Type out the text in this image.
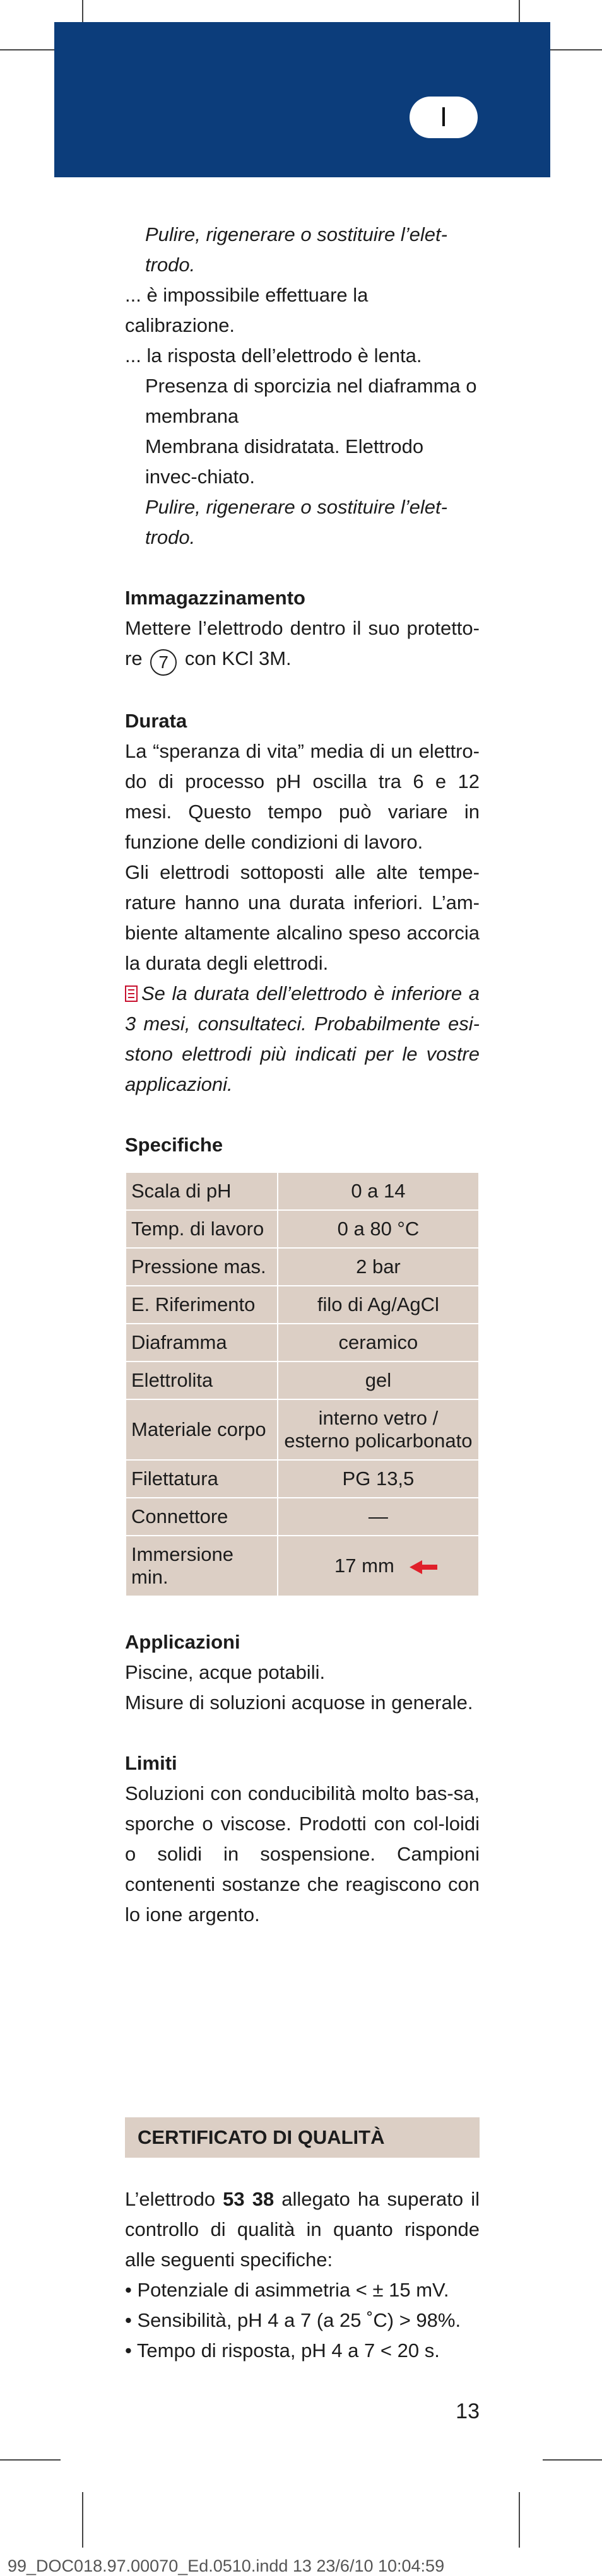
I

Pulire, rigenerare o sostituire l’elet-trodo.

... è impossibile effettuare la calibrazione.

... la risposta dell’elettrodo è lenta.

Presenza di sporcizia nel diaframma o membrana

Membrana disidratata. Elettrodo invec-chiato.

Pulire, rigenerare o sostituire l’elet-trodo.

Immagazzinamento

Mettere l’elettrodo dentro il suo protetto-re 7 con KCl 3M.

Durata

La “speranza di vita” media di un elettro-do di processo pH oscilla tra 6 e 12 mesi. Questo tempo può variare in funzione delle condizioni di lavoro.

Gli elettrodi sottoposti alle alte tempe-rature hanno una durata inferiori. L’am-biente altamente alcalino speso accorcia la durata degli elettrodi.

Se la durata dell’elettrodo è inferiore a 3 mesi, consultateci. Probabilmente esi-stono elettrodi più indicati per le vostre applicazioni.

Specifiche

Scala di pH	0 a 14
Temp. di lavoro	0 a 80 °C
Pressione mas.	2 bar
E. Riferimento	filo di Ag/AgCl
Diaframma	ceramico
Elettrolita	gel
Materiale corpo	interno vetro / esterno policarbonato
Filettatura	PG 13,5
Connettore	—
Immersione min.	17 mm

Applicazioni

Piscine, acque potabili.

Misure di soluzioni acquose in generale.

Limiti

Soluzioni con conducibilità molto bas-sa, sporche o viscose. Prodotti con col-loidi o solidi in sospensione. Campioni contenenti sostanze che reagiscono con lo ione argento.

CERTIFICATO DI QUALITÀ

L’elettrodo 53 38 allegato ha superato il controllo di qualità in quanto risponde alle seguenti specifiche:

• Potenziale di asimmetria < ± 15 mV.

• Sensibilità, pH 4 a 7 (a 25 ˚C) > 98%.

• Tempo di risposta, pH 4 a 7 < 20 s.

13
99_DOC018.97.00070_Ed.0510.indd 13 23/6/10 10:04:59
